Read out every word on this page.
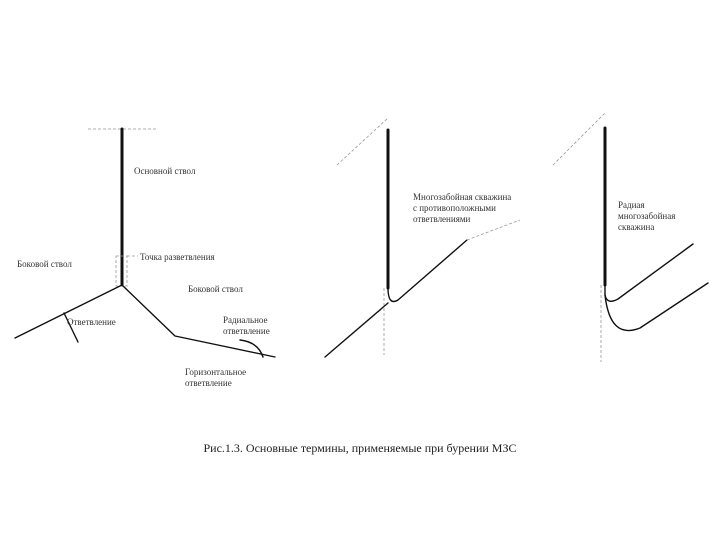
Основной ствол
Точка разветвления
Боковой ствол
Боковой ствол
Ответвление	Радиальное
ответвление
Горизонтальное
ответвление
Многозабойная скважина
с противоположными
ответвлениями
Радиая
многозабойная
скважина
Рис.1.3. Основные термины, применяемые при бурении МЗС
